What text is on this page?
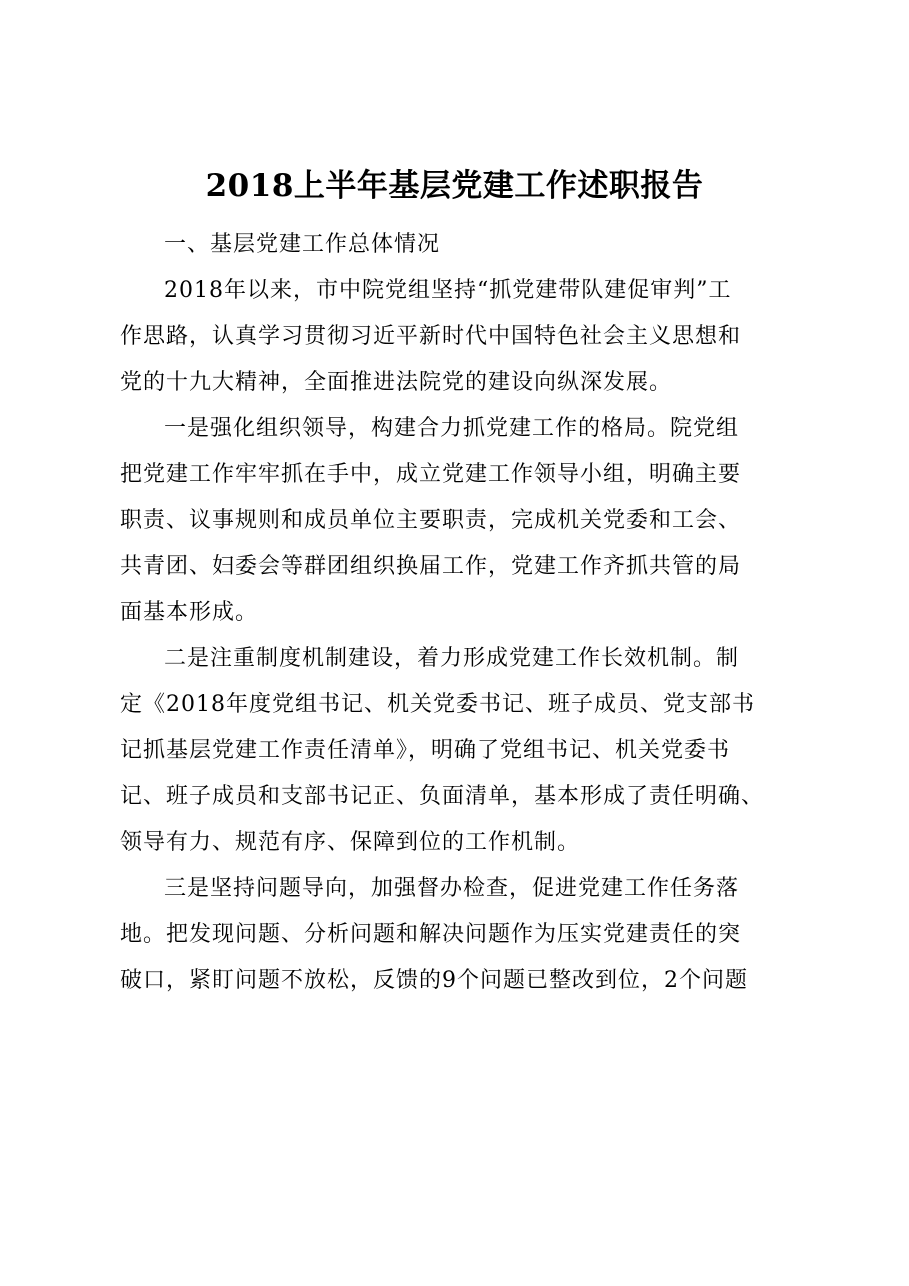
2018上半年基层党建工作述职报告

一、基层党建工作总体情况

2018年以来，市中院党组坚持“抓党建带队建促审判”工
作思路，认真学习贯彻习近平新时代中国特色社会主义思想和
党的十九大精神，全面推进法院党的建设向纵深发展。

一是强化组织领导，构建合力抓党建工作的格局。院党组
把党建工作牢牢抓在手中，成立党建工作领导小组，明确主要
职责、议事规则和成员单位主要职责，完成机关党委和工会、
共青团、妇委会等群团组织换届工作，党建工作齐抓共管的局
面基本形成。

二是注重制度机制建设，着力形成党建工作长效机制。制
定《2018年度党组书记、机关党委书记、班子成员、党支部书
记抓基层党建工作责任清单》，明确了党组书记、机关党委书
记、班子成员和支部书记正、负面清单，基本形成了责任明确、
领导有力、规范有序、保障到位的工作机制。

三是坚持问题导向，加强督办检查，促进党建工作任务落
地。把发现问题、分析问题和解决问题作为压实党建责任的突
破口，紧盯问题不放松，反馈的9个问题已整改到位，2个问题
